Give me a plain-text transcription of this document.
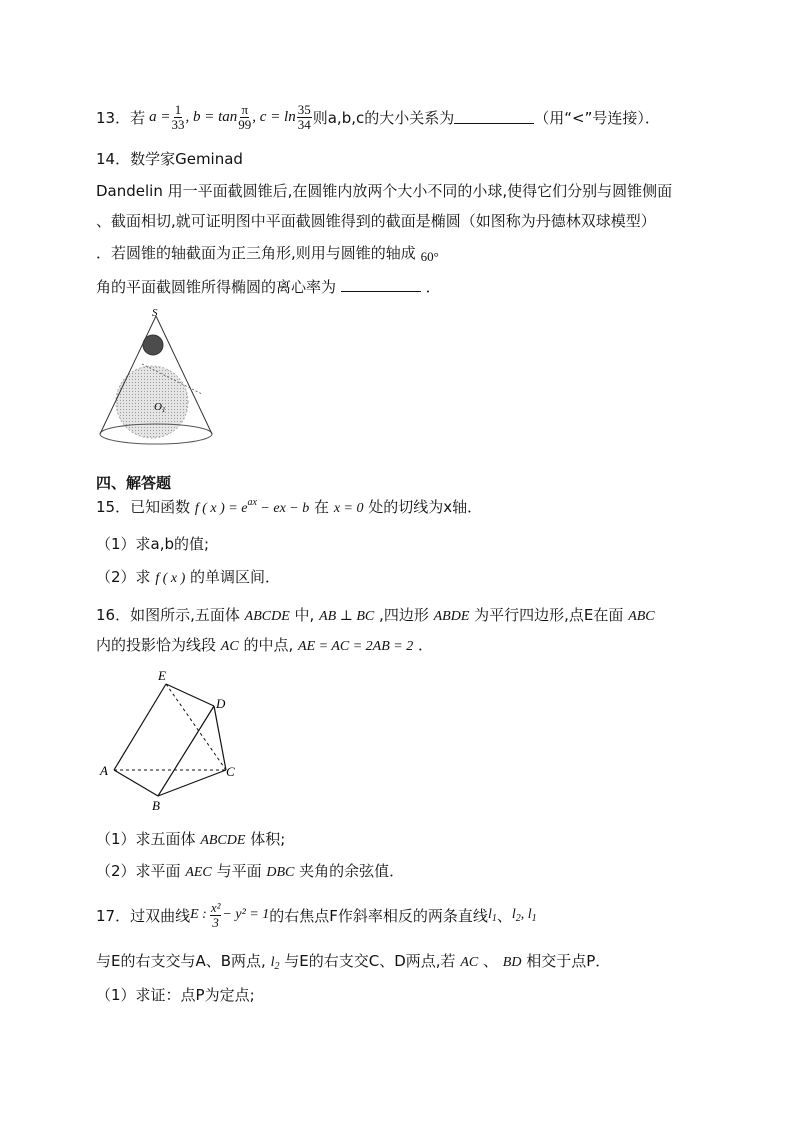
13． 若 $a = \frac{1}{33}$ , $b = \tan \frac{\pi}{99}$ , $c = \ln \frac{35}{34}$ 则a,b,c的大小关系为	（用“<”号连接）．
14．数学家Geminad
Dandelin 用一平面截圆锥后,在圆锥内放两个大小不同的小球,使得它们分别与圆锥侧面
、截面相切,就可证明图中平面截圆锥得到的截面是椭圆（如图称为丹德林双球模型）
．若圆锥的轴截面为正三角形,则用与圆锥的轴成 60°
角的平面截圆锥所得椭圆的离心率为	．
S
O1
四、解答题
15．已知函数 f ( x ) = $e^{ax}$ − ex − b 在 x = 0 处的切线为x轴．
（1）求a,b的值;
（2）求 f ( x ) 的单调区间．
16．如图所示,五面体 ABCDE 中, AB ⊥ BC ,四边形 ABDE 为平行四边形,点E在面 ABC
内的投影恰为线段 AC 的中点, AE = AC = 2AB = 2 ．
E
D
A	C
B
（1）求五面体 ABCDE 体积;
（2）求平面 AEC 与平面 DBC 夹角的余弦值．
17．过双曲线 E : $\frac{\text{x²}}{3} - y^2 = 1$ 的右焦点F作斜率相反的两条直线 $l_1$ 、 $l_2$ , $l_1$
与E的右支交与A、B两点, $l_2$ 与E的右支交C、D两点,若 AC 、 BD 相交于点P．
（1）求证：点P为定点;
